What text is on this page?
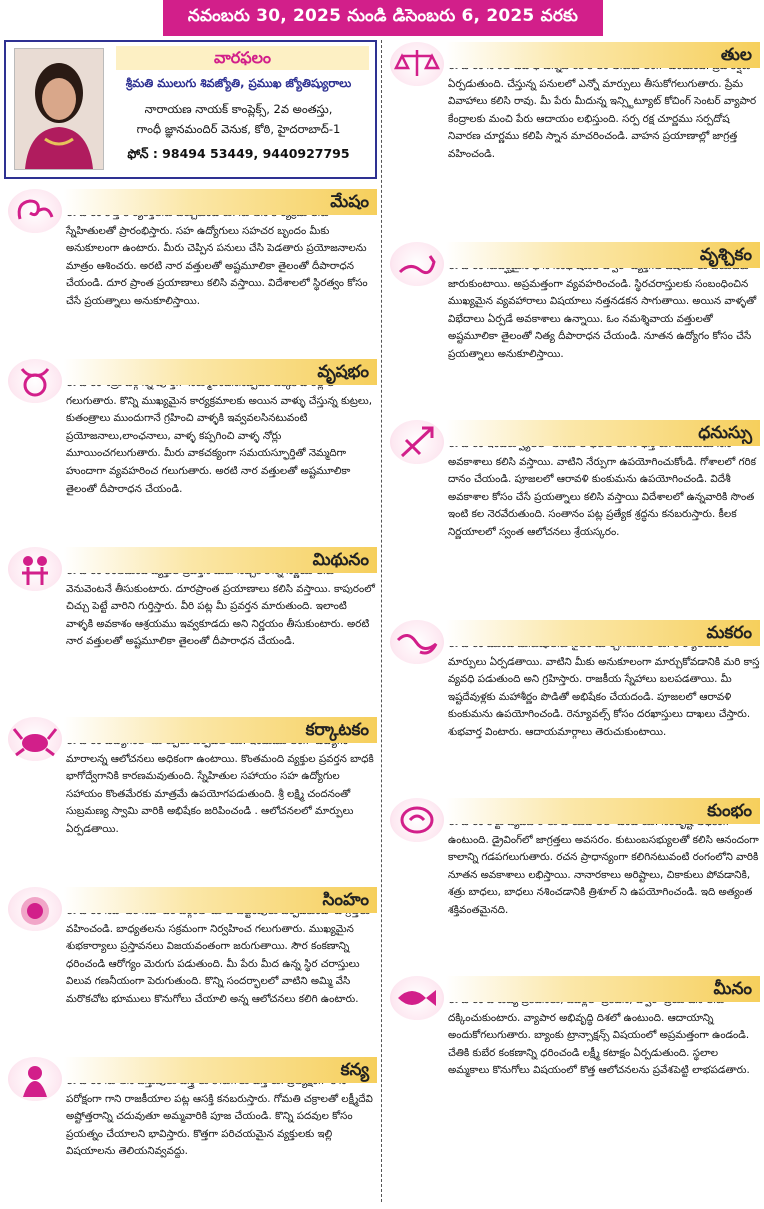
నవంబరు 30, 2025 నుండి డిసెంబరు 6, 2025 వరకు
వారఫలం
శ్రీమతి ములుగు శివజ్యోతి, ప్రముఖ జ్యోతిష్యురాలు
నారాయణ నాయక్ కాంప్లెక్స్, 2వ అంతస్తు,
గాంధీ జ్ఞానమందిర్ వెనుక, కోఠి, హైదరాబాద్-1
ఫోన్ : 98494 53449, 9440927795
మేషం
స్నేహితులతో ప్రారంభిస్తారు. సహ ఉద్యోగులు సహచర బృందం మీకు అనుకూలంగా ఉంటారు. మీరు చెప్పిన పనులు చేసి పెడతారు ప్రయోజనాలను మాత్రం ఆశించరు. అరటి నార వత్తులతో అష్టమూలికా తైలంతో దీపారాధన చేయండి. దూర ప్రాంత ప్రయాణాలు కలిసి వస్తాయి. విదేశాలలో స్థిరత్వం కోసం చేసే ప్రయత్నాలు అనుకూలిస్తాయి.
వృషభం
గలుగుతారు. కొన్ని ముఖ్యమైన కార్యక్రమాలకు అయిన వాళ్ళు చేస్తున్న కుట్రలు, కుతంత్రాలు ముందుగానే గ్రహించి వాళ్ళకి ఇవ్వవలసినటువంటి ప్రయోజనాలు,లాంఛనాలు, వాళ్ళ కప్పగించి వాళ్ళ నోర్లు మూయించగలుగుతారు. మీరు వాకచక్యంగా సమయస్ఫూర్తితో నెమ్మదిగా హుందాగా వ్యవహరించ గలుగుతారు. అరటి నార వత్తులతో అష్టమూలికా తైలంతో దీపారాధన చేయండి.
మిథునం
వెనువెంటనే తీసుకుంటారు. దూరప్రాంత ప్రయాణాలు కలిసి వస్తాయి. కాపురంలో చిచ్చు పెట్టే వారిని గుర్తిస్తారు. వీరి పట్ల మీ ప్రవర్తన మారుతుంది. ఇలాంటి వాళ్ళకి అవకాశం ఆశ్రయము ఇవ్వకూడదు అని నిర్ణయం తీసుకుంటారు. అరటి నార వత్తులతో అష్టమూలికా తైలంతో దీపారాధన చేయండి.
కర్కాటకం
మారాలన్న ఆలోచనలు అధికంగా ఉంటాయి. కొంతమంది వ్యక్తుల ప్రవర్తన బాధకి భాగోద్వేగానికి కారణమవుతుంది. స్నేహితుల సహాయం సహ ఉద్యోగుల సహాయం కొంతమేరకు మాత్రమే ఉపయోగపడుతుంది. శ్రీ లక్ష్మి చందనంతో సుబ్రమణ్య స్వామి వారికి అభిషేకం జరిపించండి . ఆలోచనలలో మార్పులు ఏర్పడతాయి.
సింహం
వహించండి. బాధ్యతలను సక్రమంగా నిర్వహించ గలుగుతారు. ముఖ్యమైన శుభకార్యాలు ప్రస్తావనలు విజయవంతంగా జరుగుతాయి. సౌర కంకణాన్ని ధరించండి ఆరోగ్యం మెరుగు పడుతుంది. మీ పేరు మీద ఉన్న స్థిర చరాస్తులు విలువ గణనీయంగా పెరుగుతుంది. కొన్ని సందర్భాలలో వాటిని అమ్మి వేసి మరొకచోట భూములు కొనుగోలు చేయాలి అన్న ఆలోచనలు కలిగి ఉంటారు.
కన్య
పరోక్షంగా గాని రాజకీయాల పట్ల ఆసక్తి కనబరుస్తారు. గోమతి చక్రాలతో లక్ష్మీదేవి అష్టోత్తరాన్ని చదువుతూ అమ్మవారికి పూజ చేయండి. కొన్ని పదవుల కోసం ప్రయత్నం చేయాలని భావిస్తారు. కొత్తగా పరిచయమైన వ్యక్తులకు ఇల్లి విషయాలను తెలియనివ్వవద్దు.
తుల
ఏర్పడుతుంది. చేస్తున్న పనులలో ఎన్నో మార్పులు తీసుకోగలుగుతారు. ప్రేమ వివాహాలు కలిసి రావు. మీ పేరు మీదున్న ఇన్స్టిట్యూట్ కోచింగ్ సెంటర్ వ్యాపార కేంద్రాలకు మంచి పేరు ఆదాయం లభిస్తుంది. సర్ప రక్ష చూర్ణము సర్పదోష నివారణ చూర్ణము కలిపి స్నాన మాచరించండి. వాహన ప్రయాణాల్లో జాగ్రత్త వహించండి.
వృశ్చికం
జారుకుంటాయి. అప్రమత్తంగా వ్యవహరించండి. స్థిరచరాస్తులకు సంబంధించిన ముఖ్యమైన వ్యవహారాలు విషయాలు నత్తనడకన సాగుతాయి. అయిన వాళ్ళతో విభేదాలు ఏర్పడే అవకాశాలు ఉన్నాయి. ఓం నమశ్శివాయ వత్తులతో అష్టమూలికా తైలంతో నిత్య దీపారాధన చేయండి. నూతన ఉద్యోగం కోసం చేసే ప్రయత్నాలు అనుకూలిస్తాయి.
ధనుస్సు
అవకాశాలు కలిసి వస్తాయి. వాటిని నేర్పుగా ఉపయోగించుకోండి. గోశాలలో గరిక దానం చేయండి. పూజలలో ఆరావళి కుంకుమను ఉపయోగించండి. విదేశీ అవకాశాల కోసం చేసే ప్రయత్నాలు కలిసి వస్తాయి విదేశాలలో ఉన్నవారికి సొంత ఇంటి కల నెరవేరుతుంది. సంతానం పట్ల ప్రత్యేక శ్రద్ధను కనబరుస్తారు. కీలక నిర్ణయాలలో స్వంత ఆలోచనలు శ్రేయస్కరం.
మకరం
మార్పులు ఏర్పడతాయి. వాటిని మీకు అనుకూలంగా మార్చుకోవడానికి మరి కాస్త వ్యవధి పడుతుంది అని గ్రహిస్తారు. రాజకీయ స్నేహాలు బలపడతాయి. మీ ఇష్టదేవుళ్లకు మహాశీర్ణం పొడితో అభిషేకం చేయదండి. పూజలలో ఆరావళి కుంకుమను ఉపయోగించండి. రెన్యూవల్స్ కోసం దరఖాస్తులు దాఖలు చేస్తారు. శుభవార్త వింటారు. ఆదాయమార్గాలు తెరుచుకుంటాయి.
కుంభం
ఉంటుంది. డ్రైవింగ్‌లో జాగ్రత్తలు అవసరం. కుటుంబసభ్యులతో కలిసి ఆనందంగా కాలాన్ని గడపగలుగుతారు. రచన ప్రాధాన్యంగా కలిగినటువంటి రంగంలోని వారికి నూతన అవకాశాలు లభిస్తాయి. నానారకాలు అరిష్టాలు, చికాకులు పోవడానికి, శత్రు బాధలు, బాధలు నశించడానికి త్రిశూల్ ని ఉపయోగించండి. ఇది అత్యంత శక్తివంతమైనది.
మీనం
దక్కించుకుంటారు. వ్యాపార అభివృద్ధి దిశలో ఉంటుంది. ఆదాయాన్ని అందుకోగలుగుతారు. బ్యాంకు ట్రాన్సాక్షన్స్ విషయంలో అప్రమత్తంగా ఉండండి. చేతికి కుబేర కంకణాన్ని ధరించండి లక్ష్మీ కటాక్షం ఏర్పడుతుంది. స్థలాల అమ్మకాలు కొనుగోలు విషయంలో కొత్త ఆలోచనలను ప్రవేశపెట్టి లాభపడతారు.
